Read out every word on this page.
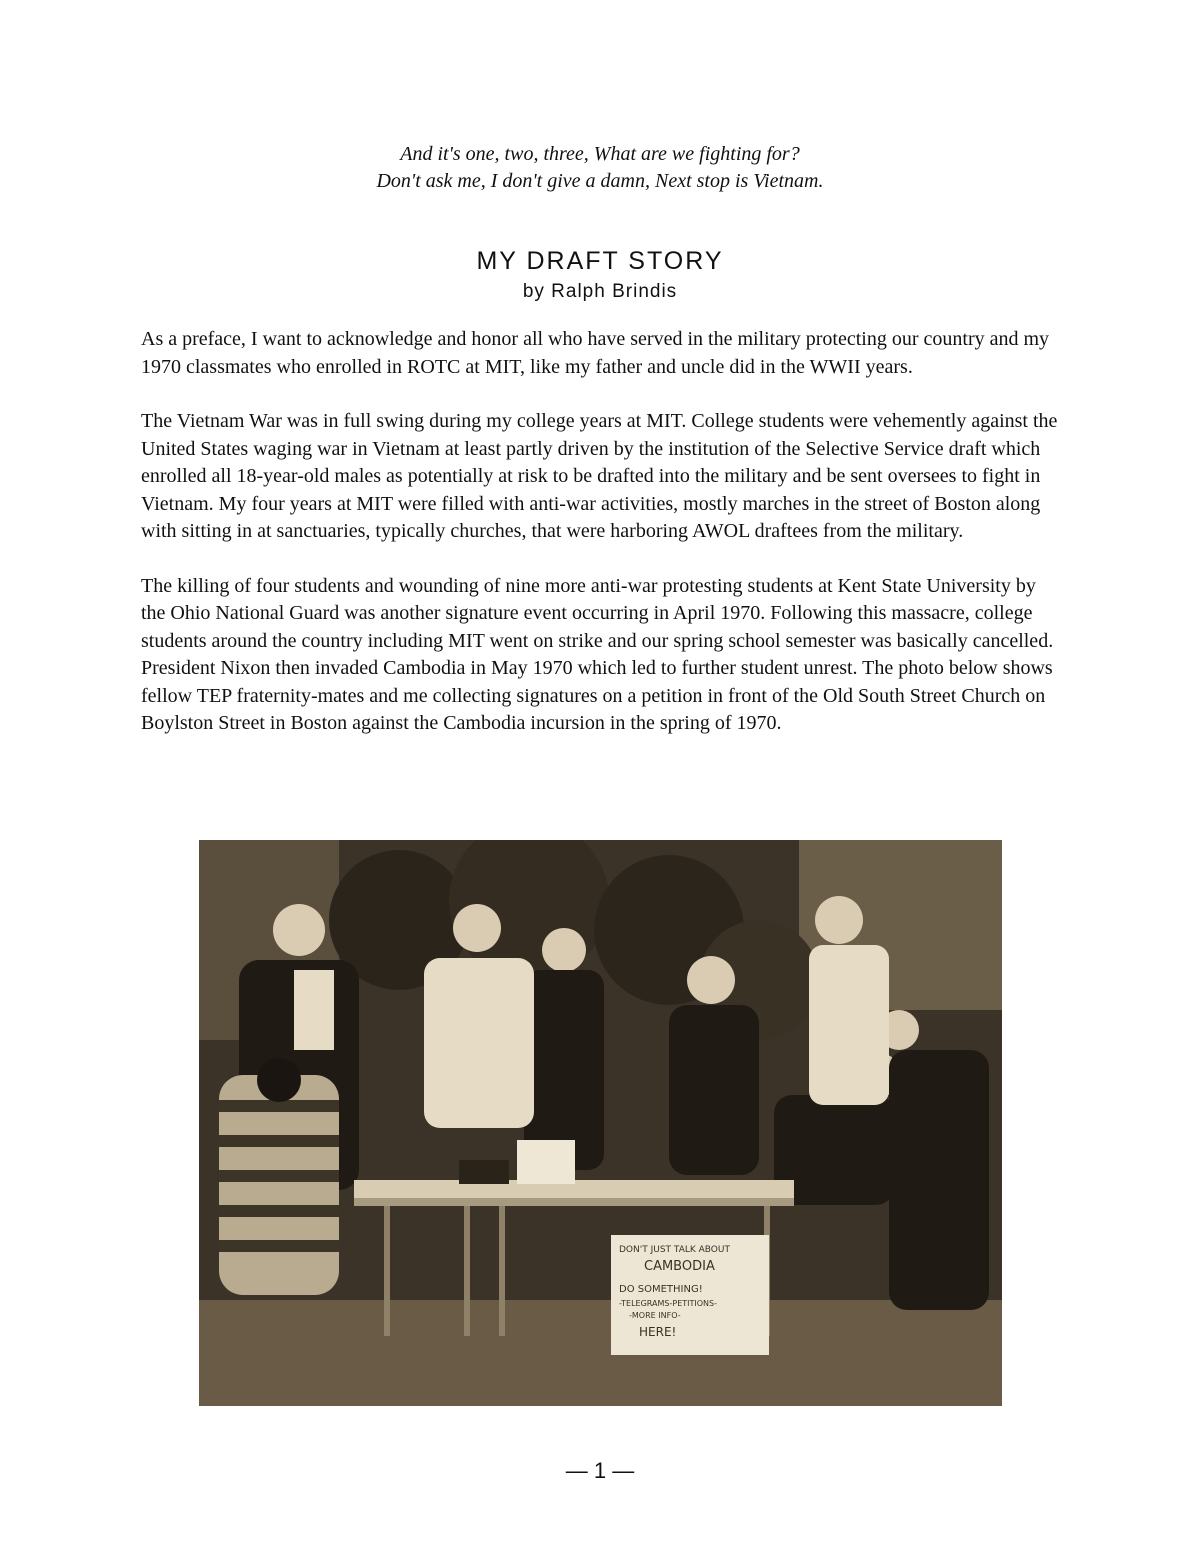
And it's one, two, three, What are we fighting for?
Don't ask me, I don't give a damn, Next stop is Vietnam.
MY DRAFT STORY
by Ralph Brindis

As a preface, I want to acknowledge and honor all who have served in the military protecting our country and my 1970 classmates who enrolled in ROTC at MIT, like my father and uncle did in the WWII years.

The Vietnam War was in full swing during my college years at MIT. College students were vehemently against the United States waging war in Vietnam at least partly driven by the institution of the Selective Service draft which enrolled all 18-year-old males as potentially at risk to be drafted into the military and be sent oversees to fight in Vietnam. My four years at MIT were filled with anti-war activities, mostly marches in the street of Boston along with sitting in at sanctuaries, typically churches, that were harboring AWOL draftees from the military.

The killing of four students and wounding of nine more anti-war protesting students at Kent State University by the Ohio National Guard was another signature event occurring in April 1970. Following this massacre, college students around the country including MIT went on strike and our spring school semester was basically cancelled. President Nixon then invaded Cambodia in May 1970 which led to further student unrest. The photo below shows fellow TEP fraternity-mates and me collecting signatures on a petition in front of the Old South Street Church on Boylston Street in Boston against the Cambodia incursion in the spring of 1970.

DON'T JUST TALK ABOUT
CAMBODIA
DO SOMETHING!
-TELEGRAMS-PETITIONS-
-MORE INFO-
HERE!
— 1 —
